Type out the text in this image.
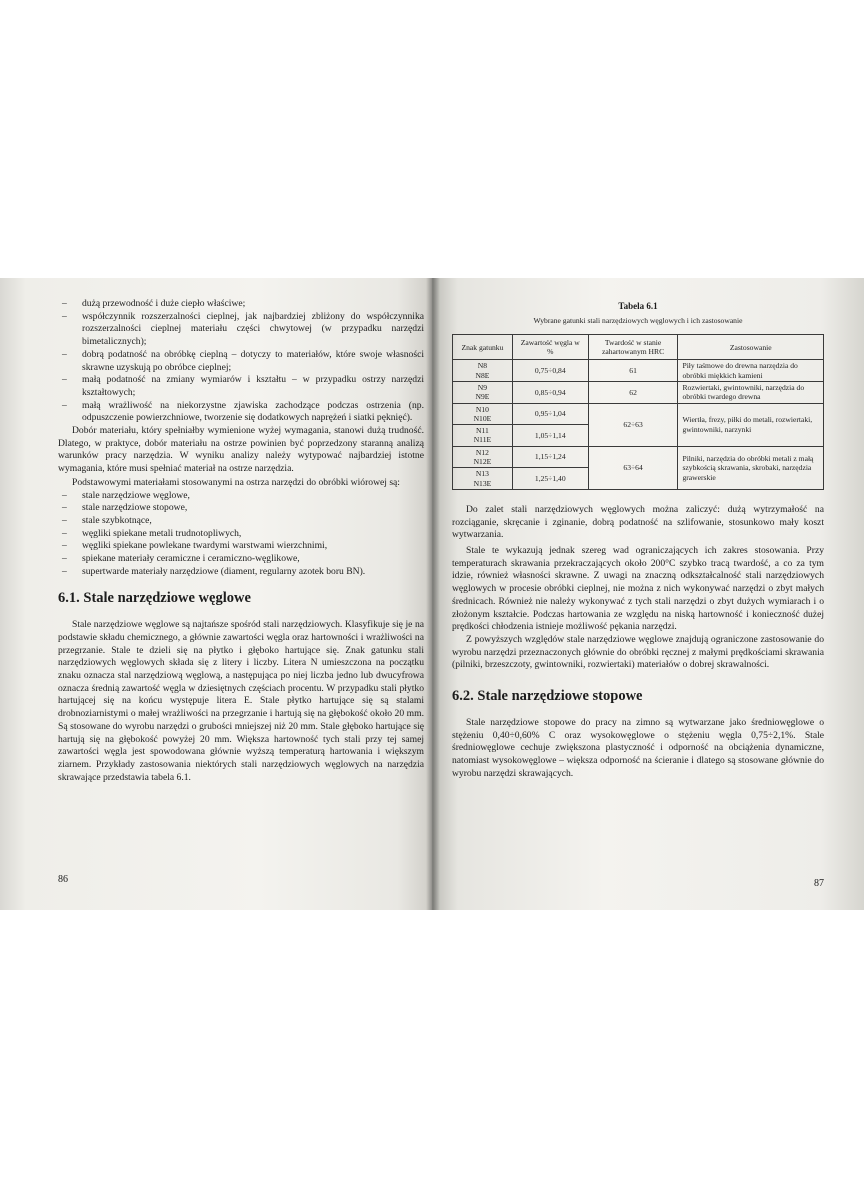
– dużą przewodność i duże ciepło właściwe;
– współczynnik rozszerzalności cieplnej, jak najbardziej zbliżony do współczynnika rozszerzalności cieplnej materiału części chwytowej (w przypadku narzędzi bimetalicznych);
– dobrą podatność na obróbkę cieplną – dotyczy to materiałów, które swoje własności skrawne uzyskują po obróbce cieplnej;
– małą podatność na zmiany wymiarów i kształtu – w przypadku ostrzy narzędzi kształtowych;
– małą wrażliwość na niekorzystne zjawiska zachodzące podczas ostrzenia (np. odpuszczenie powierzchniowe, tworzenie się dodatkowych naprężeń i siatki pęknięć).

Dobór materiału, który spełniałby wymienione wyżej wymagania, stanowi dużą trudność. Dlatego, w praktyce, dobór materiału na ostrze powinien być poprzedzony staranną analizą warunków pracy narzędzia. W wyniku analizy należy wytypować najbardziej istotne wymagania, które musi spełniać materiał na ostrze narzędzia.

Podstawowymi materiałami stosowanymi na ostrza narzędzi do obróbki wiórowej są:

– stale narzędziowe węglowe,
– stale narzędziowe stopowe,
– stale szybkotnące,
– węgliki spiekane metali trudnotopliwych,
– węgliki spiekane powlekane twardymi warstwami wierzchnimi,
– spiekane materiały ceramiczne i ceramiczno-węglikowe,
– supertwarde materiały narzędziowe (diament, regularny azotek boru BN).
6.1. Stale narzędziowe węglowe

Stale narzędziowe węglowe są najtańsze spośród stali narzędziowych. Klasyfikuje się je na podstawie składu chemicznego, a głównie zawartości węgla oraz hartowności i wrażliwości na przegrzanie. Stale te dzieli się na płytko i głęboko hartujące się. Znak gatunku stali narzędziowych węglowych składa się z litery i liczby. Litera N umieszczona na początku znaku oznacza stal narzędziową węglową, a następująca po niej liczba jedno lub dwucyfrowa oznacza średnią zawartość węgla w dziesiętnych częściach procentu. W przypadku stali płytko hartującej się na końcu występuje litera E. Stale płytko hartujące się są stalami drobnoziarnistymi o małej wrażliwości na przegrzanie i hartują się na głębokość około 20 mm. Są stosowane do wyrobu narzędzi o grubości mniejszej niż 20 mm. Stale głęboko hartujące się hartują się na głębokość powyżej 20 mm. Większa hartowność tych stali przy tej samej zawartości węgla jest spowodowana głównie wyższą temperaturą hartowania i większym ziarnem. Przykłady zastosowania niektórych stali narzędziowych węglowych na narzędzia skrawające przedstawia tabela 6.1.

86
Tabela 6.1
Wybrane gatunki stali narzędziowych węglowych i ich zastosowanie
Znak gatunku	Zawartość węgla w %	Twardość w stanie zahartowanym HRC	Zastosowanie

N8
N8E	0,75÷0,84	61	Piły taśmowe do drewna narzędzia do obróbki miękkich kamieni

N9
N9E	0,85÷0,94	62	Rozwiertaki, gwintowniki, narzędzia do obróbki twardego drewna

N10
N10E	0,95÷1,04	62÷63	Wiertła, frezy, piłki do metali, rozwiertaki, gwintowniki, narzynki

N11
N11E	1,05÷1,14		

N12
N12E	1,15÷1,24	63÷64	Pilniki, narzędzia do obróbki metali z małą szybkością skrawania, skrobaki, narzędzia grawerskie

N13
N13E	1,25÷1,40		

Do zalet stali narzędziowych węglowych można zaliczyć: dużą wytrzymałość na rozciąganie, skręcanie i zginanie, dobrą podatność na szlifowanie, stosunkowo mały koszt wytwarzania.

Stale te wykazują jednak szereg wad ograniczających ich zakres stosowania. Przy temperaturach skrawania przekraczających około 200°C szybko tracą twardość, a co za tym idzie, również własności skrawne. Z uwagi na znaczną odkształcalność stali narzędziowych węglowych w procesie obróbki cieplnej, nie można z nich wykonywać narzędzi o zbyt małych średnicach. Również nie należy wykonywać z tych stali narzędzi o zbyt dużych wymiarach i o złożonym kształcie. Podczas hartowania ze względu na niską hartowność i konieczność dużej prędkości chłodzenia istnieje możliwość pękania narzędzi.

Z powyższych względów stale narzędziowe węglowe znajdują ograniczone zastosowanie do wyrobu narzędzi przeznaczonych głównie do obróbki ręcznej z małymi prędkościami skrawania (pilniki, brzeszczoty, gwintowniki, rozwiertaki) materiałów o dobrej skrawalności.

6.2. Stale narzędziowe stopowe

Stale narzędziowe stopowe do pracy na zimno są wytwarzane jako średniowęglowe o stężeniu 0,40÷0,60% C oraz wysokowęglowe o stężeniu węgla 0,75÷2,1%. Stale średniowęglowe cechuje zwiększona plastyczność i odporność na obciążenia dynamiczne, natomiast wysokowęglowe – większa odporność na ścieranie i dlatego są stosowane głównie do wyrobu narzędzi skrawających.

87
